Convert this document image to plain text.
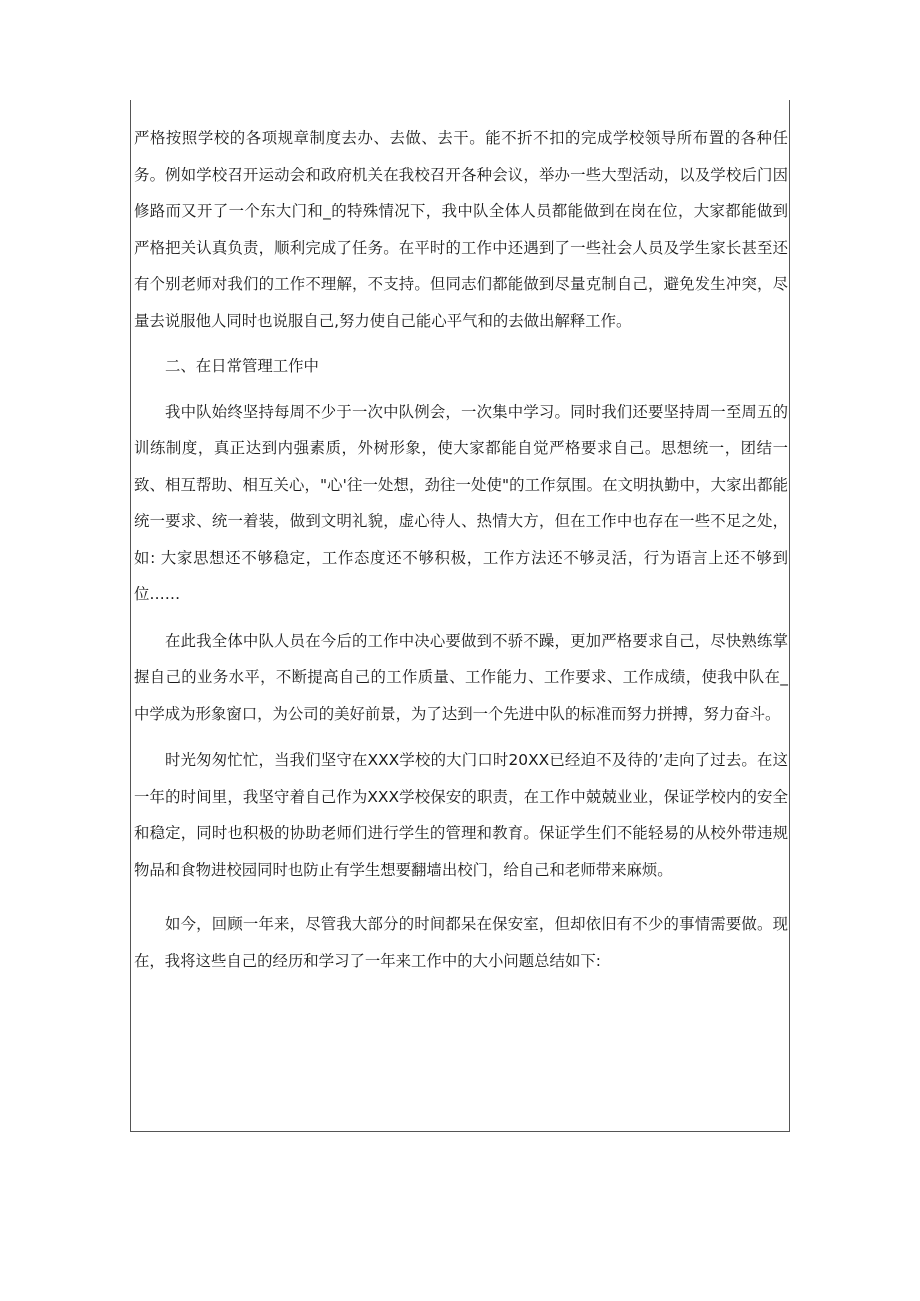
严格按照学校的各项规章制度去办、去做、去干。能不折不扣的完成学校领导所布置的各种任务。例如学校召开运动会和政府机关在我校召开各种会议，举办一些大型活动，以及学校后门因修路而又开了一个东大门和_的特殊情况下，我中队全体人员都能做到在岗在位，大家都能做到严格把关认真负责，顺利完成了任务。在平时的工作中还遇到了一些社会人员及学生家长甚至还有个别老师对我们的工作不理解，不支持。但同志们都能做到尽量克制自己，避免发生冲突，尽量去说服他人同时也说服自己,努力使自己能心平气和的去做出解释工作。

二、在日常管理工作中

我中队始终坚持每周不少于一次中队例会，一次集中学习。同时我们还要坚持周一至周五的训练制度，真正达到内强素质，外树形象，使大家都能自觉严格要求自己。思想统一，团结一致、相互帮助、相互关心，"心'往一处想，劲往一处使"的工作氛围。在文明执勤中，大家出都能统一要求、统一着装，做到文明礼貌，虚心待人、热情大方，但在工作中也存在一些不足之处，如: 大家思想还不够稳定，工作态度还不够积极，工作方法还不够灵活，行为语言上还不够到位……

在此我全体中队人员在今后的工作中决心要做到不骄不躁，更加严格要求自己，尽快熟练掌握自己的业务水平，不断提高自己的工作质量、工作能力、工作要求、工作成绩，使我中队在_中学成为形象窗口，为公司的美好前景，为了达到一个先进中队的标准而努力拼搏，努力奋斗。

时光匆匆忙忙，当我们坚守在XXX学校的大门口时20XX已经迫不及待的’走向了过去。在这一年的时间里，我坚守着自己作为XXX学校保安的职责，在工作中兢兢业业，保证学校内的安全和稳定，同时也积极的协助老师们进行学生的管理和教育。保证学生们不能轻易的从校外带违规物品和食物进校园同时也防止有学生想要翻墙出校门，给自己和老师带来麻烦。

如今，回顾一年来，尽管我大部分的时间都呆在保安室，但却依旧有不少的事情需要做。现在，我将这些自己的经历和学习了一年来工作中的大小问题总结如下:
